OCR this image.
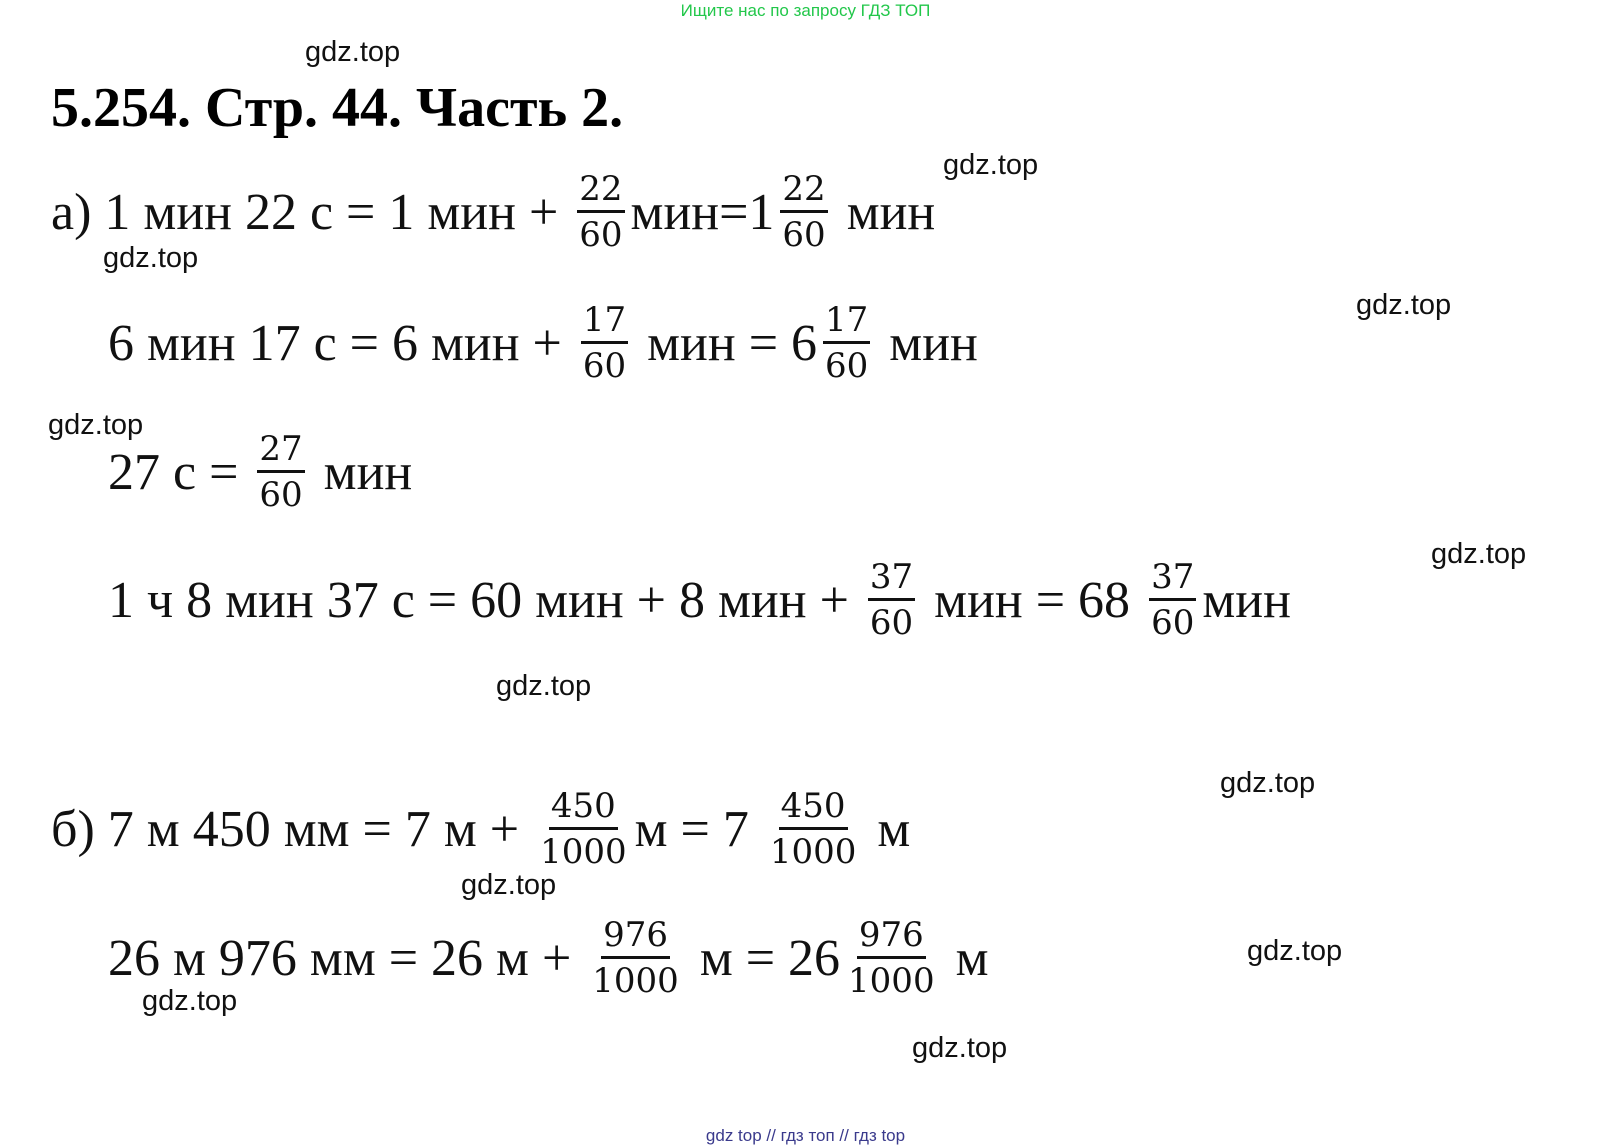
Ищите нас по запросу ГДЗ ТОП
5.254. Стр. 44. Часть 2.
а)
1 мин 22 с = 1 мин + $\frac{22}{60} мин=1 \frac{22}{60}$ мин
6 мин 17 с = 6 мин + $\frac{17}{60}$ мин = $6 \frac{17}{60}$ мин
27 $с = \frac{27}{60}$ мин
1 ч 8 мин 37 с = 60 мин + 8 мин + $\frac{37}{60}$ мин = $68 \frac{37}{60}$ мин
б)
7 м 450 мм = 7 $м + \frac{450}{1000}$ $м = 7 \frac{450}{1000}$ м
26 м 976 мм = 26 $м + \frac{976}{1000}$ $м = 26 \frac{976}{1000}$ м
gdz.top
gdz.top
gdz.top
gdz.top
gdz.top
gdz.top
gdz.top
gdz.top
gdz.top
gdz.top
gdz.top
gdz.top
gdz top // гдз топ // гдз top
